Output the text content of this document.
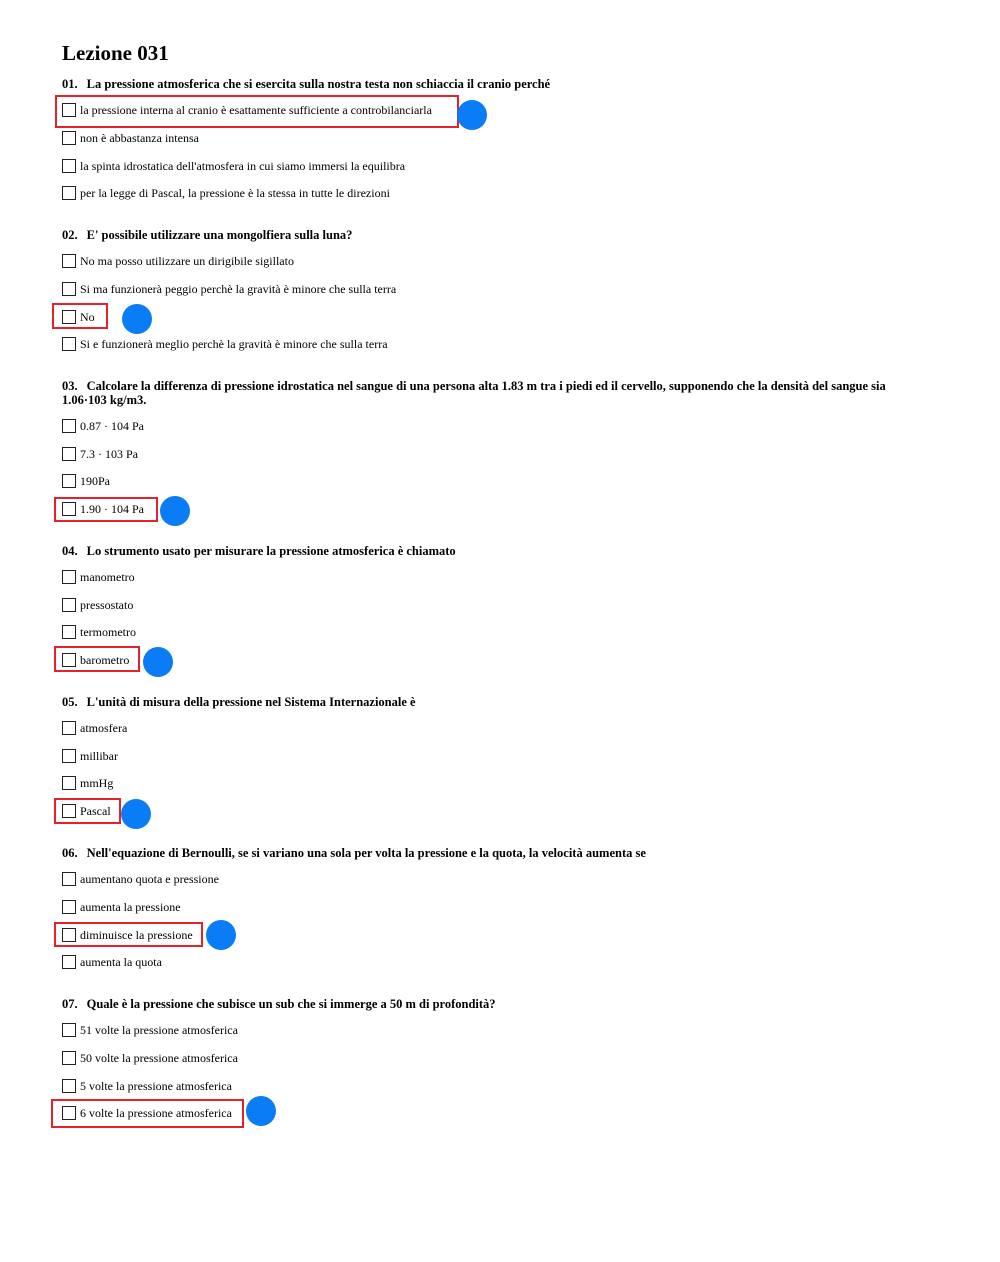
Lezione 031
01. La pressione atmosferica che si esercita sulla nostra testa non schiaccia il cranio perché
la pressione interna al cranio è esattamente sufficiente a controbilanciarla
non è abbastanza intensa
la spinta idrostatica dell'atmosfera in cui siamo immersi la equilibra
per la legge di Pascal, la pressione è la stessa in tutte le direzioni
02. E' possibile utilizzare una mongolfiera sulla luna?
No ma posso utilizzare un dirigibile sigillato
Si ma funzionerà peggio perchè la gravità è minore che sulla terra
No
Si e funzionerà meglio perchè la gravità è minore che sulla terra
03. Calcolare la differenza di pressione idrostatica nel sangue di una persona alta 1.83 m tra i piedi ed il cervello, supponendo che la densità del sangue sia 1.06·103 kg/m3.
0.87 · 104 Pa
7.3 · 103 Pa
190Pa
1.90 · 104 Pa
04. Lo strumento usato per misurare la pressione atmosferica è chiamato
manometro
pressostato
termometro
barometro
05. L'unità di misura della pressione nel Sistema Internazionale è
atmosfera
millibar
mmHg
Pascal
06. Nell'equazione di Bernoulli, se si variano una sola per volta la pressione e la quota, la velocità aumenta se
aumentano quota e pressione
aumenta la pressione
diminuisce la pressione
aumenta la quota
07. Quale è la pressione che subisce un sub che si immerge a 50 m di profondità?
51 volte la pressione atmosferica
50 volte la pressione atmosferica
5 volte la pressione atmosferica
6 volte la pressione atmosferica
